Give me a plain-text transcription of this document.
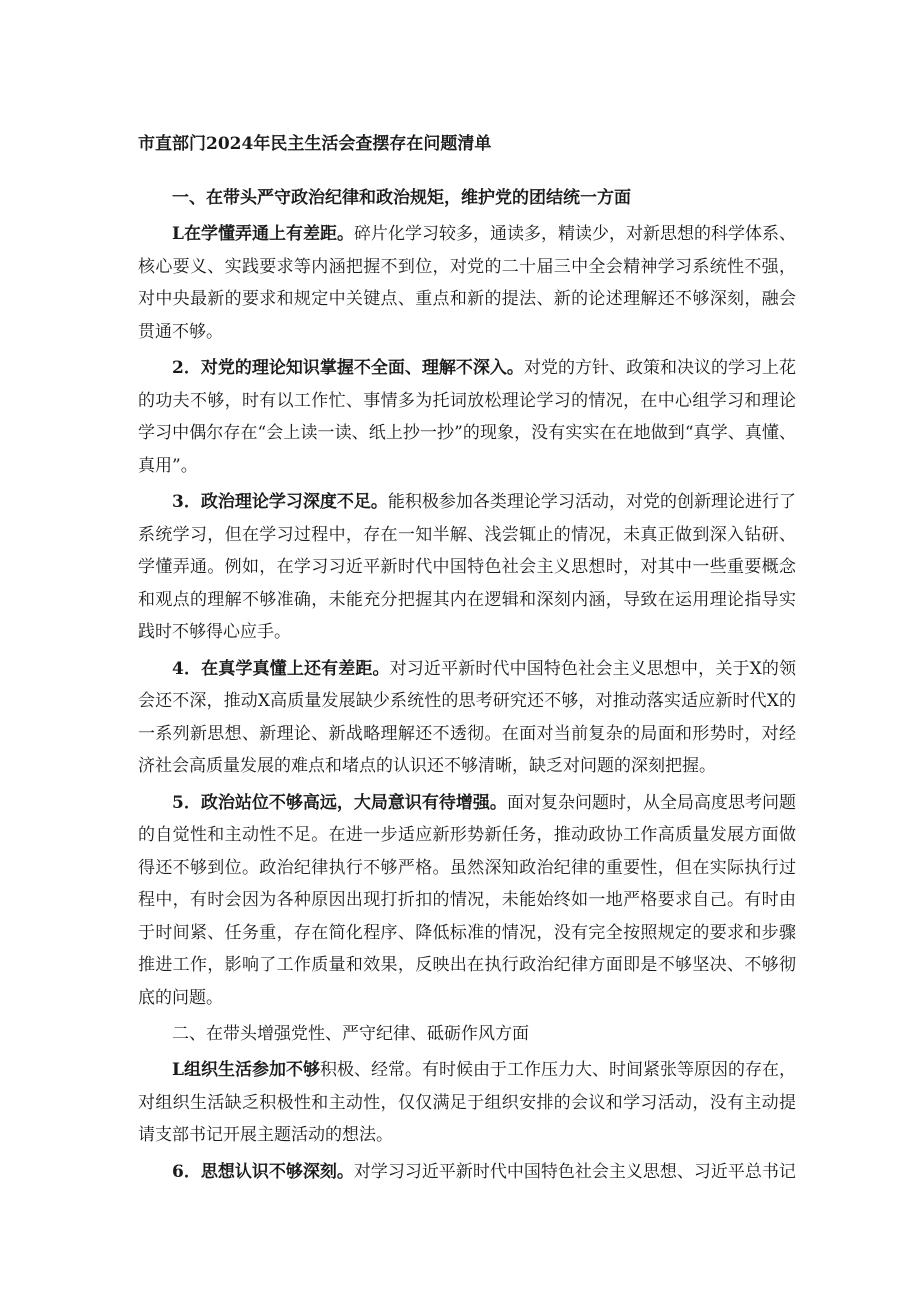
市直部门2024年民主生活会查摆存在问题清单
一、在带头严守政治纪律和政治规矩，维护党的团结统一方面

L在学懂弄通上有差距。碎片化学习较多，通读多，精读少，对新思想的科学体系、核心要义、实践要求等内涵把握不到位，对党的二十届三中全会精神学习系统性不强，对中央最新的要求和规定中关键点、重点和新的提法、新的论述理解还不够深刻，融会贯通不够。

2．对党的理论知识掌握不全面、理解不深入。对党的方针、政策和决议的学习上花的功夫不够，时有以工作忙、事情多为托词放松理论学习的情况，在中心组学习和理论学习中偶尔存在“会上读一读、纸上抄一抄”的现象，没有实实在在地做到“真学、真懂、真用”。

3．政治理论学习深度不足。能积极参加各类理论学习活动，对党的创新理论进行了系统学习，但在学习过程中，存在一知半解、浅尝辄止的情况，未真正做到深入钻研、学懂弄通。例如，在学习习近平新时代中国特色社会主义思想时，对其中一些重要概念和观点的理解不够准确，未能充分把握其内在逻辑和深刻内涵，导致在运用理论指导实践时不够得心应手。

4．在真学真懂上还有差距。对习近平新时代中国特色社会主义思想中，关于X的领会还不深，推动X高质量发展缺少系统性的思考研究还不够，对推动落实适应新时代X的一系列新思想、新理论、新战略理解还不透彻。在面对当前复杂的局面和形势时，对经济社会高质量发展的难点和堵点的认识还不够清晰，缺乏对问题的深刻把握。

5．政治站位不够高远，大局意识有待增强。面对复杂问题时，从全局高度思考问题的自觉性和主动性不足。在进一步适应新形势新任务，推动政协工作高质量发展方面做得还不够到位。政治纪律执行不够严格。虽然深知政治纪律的重要性，但在实际执行过程中，有时会因为各种原因出现打折扣的情况，未能始终如一地严格要求自己。有时由于时间紧、任务重，存在简化程序、降低标准的情况，没有完全按照规定的要求和步骤推进工作，影响了工作质量和效果，反映出在执行政治纪律方面即是不够坚决、不够彻底的问题。

二、在带头增强党性、严守纪律、砥砺作风方面

L组织生活参加不够积极、经常。有时候由于工作压力大、时间紧张等原因的存在，对组织生活缺乏积极性和主动性，仅仅满足于组织安排的会议和学习活动，没有主动提请支部书记开展主题活动的想法。

6．思想认识不够深刻。对学习习近平新时代中国特色社会主义思想、习近平总书记
